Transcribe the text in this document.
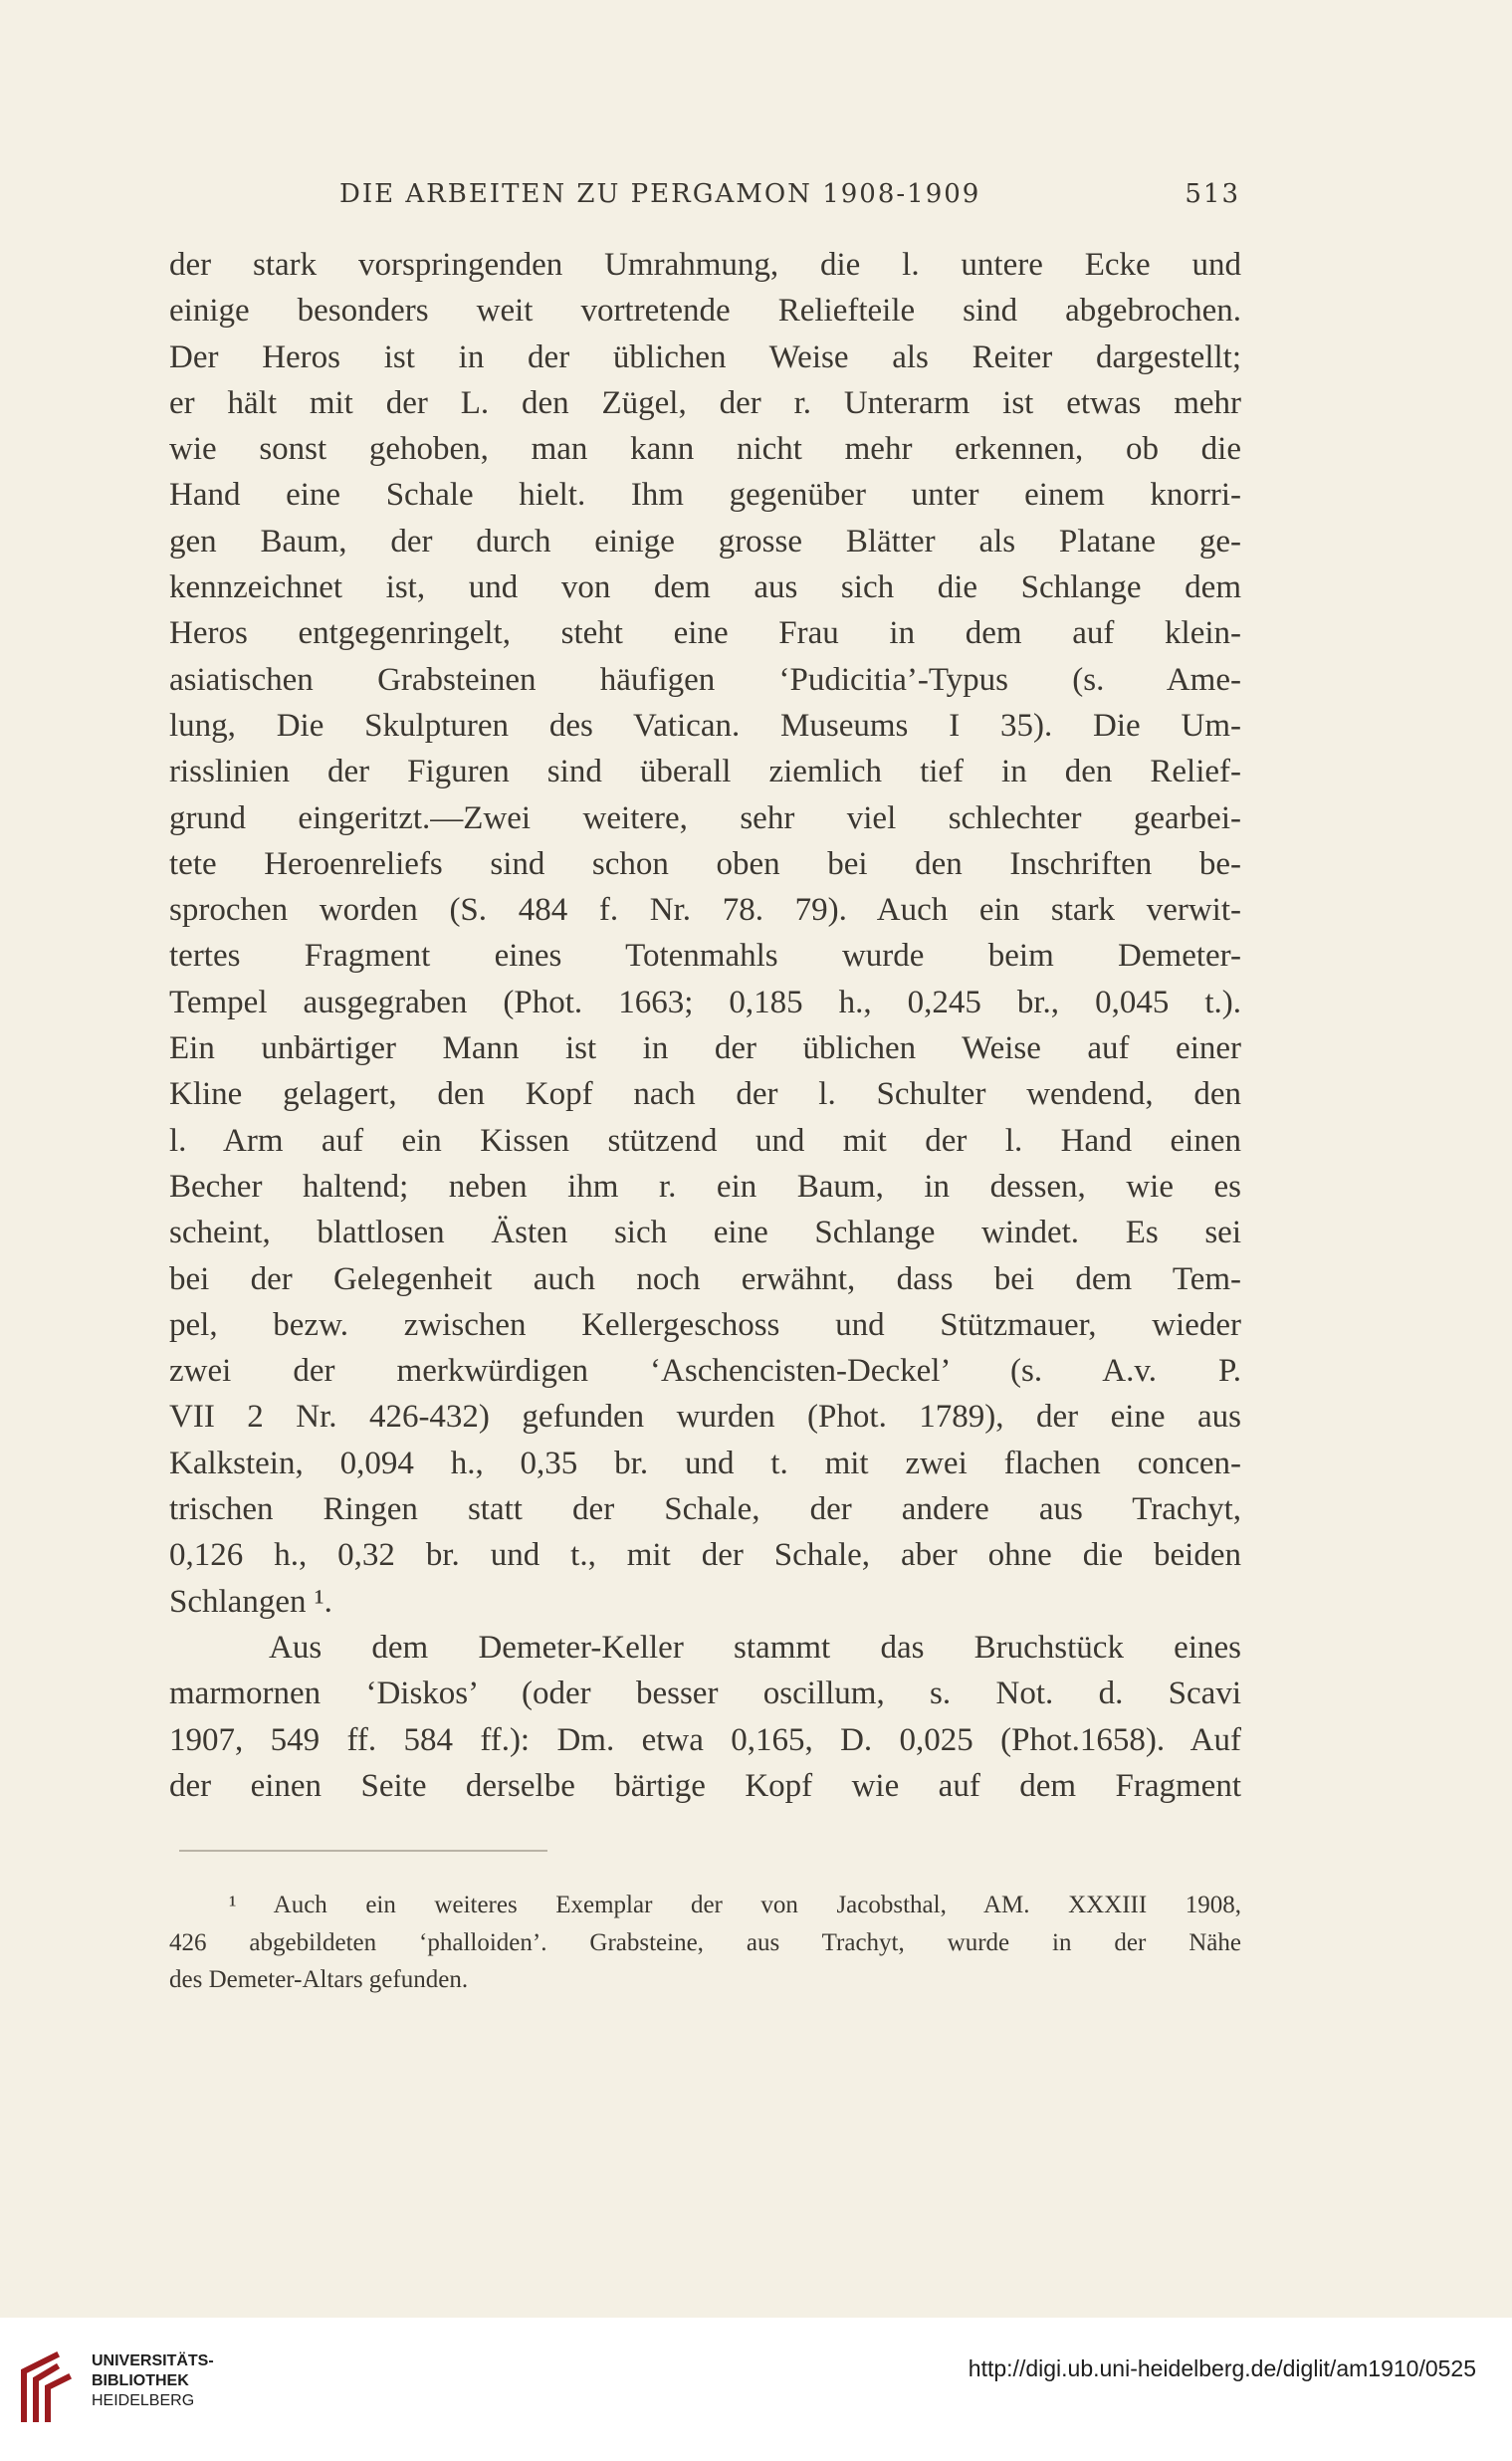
DIE ARBEITEN ZU PERGAMON 1908-1909	513
der stark vorspringenden Umrahmung, die l. untere Ecke und
einige besonders weit vortretende Reliefteile sind abgebrochen.
Der Heros ist in der üblichen Weise als Reiter dargestellt;
er hält mit der L. den Zügel, der r. Unterarm ist etwas mehr
wie sonst gehoben, man kann nicht mehr erkennen, ob die
Hand eine Schale hielt. Ihm gegenüber unter einem knorri-
gen Baum, der durch einige grosse Blätter als Platane ge-
kennzeichnet ist, und von dem aus sich die Schlange dem
Heros entgegenringelt, steht eine Frau in dem auf klein-
asiatischen Grabsteinen häufigen ‘Pudicitia’-Typus (s. Ame-
lung, Die Skulpturen des Vatican. Museums I 35). Die Um-
risslinien der Figuren sind überall ziemlich tief in den Relief-
grund eingeritzt.—Zwei weitere, sehr viel schlechter gearbei-
tete Heroenreliefs sind schon oben bei den Inschriften be-
sprochen worden (S. 484 f. Nr. 78. 79). Auch ein stark verwit-
tertes Fragment eines Totenmahls wurde beim Demeter-
Tempel ausgegraben (Phot. 1663; 0,185 h., 0,245 br., 0,045 t.).
Ein unbärtiger Mann ist in der üblichen Weise auf einer
Kline gelagert, den Kopf nach der l. Schulter wendend, den
l. Arm auf ein Kissen stützend und mit der l. Hand einen
Becher haltend; neben ihm r. ein Baum, in dessen, wie es
scheint, blattlosen Ästen sich eine Schlange windet. Es sei
bei der Gelegenheit auch noch erwähnt, dass bei dem Tem-
pel, bezw. zwischen Kellergeschoss und Stützmauer, wieder
zwei der merkwürdigen ‘Aschencisten-Deckel’ (s. A.v. P.
VII 2 Nr. 426-432) gefunden wurden (Phot. 1789), der eine aus
Kalkstein, 0,094 h., 0,35 br. und t. mit zwei flachen concen-
trischen Ringen statt der Schale, der andere aus Trachyt,
0,126 h., 0,32 br. und t., mit der Schale, aber ohne die beiden
Schlangen ¹.
Aus dem Demeter-Keller stammt das Bruchstück eines
marmornen ‘Diskos’ (oder besser oscillum, s. Not. d. Scavi
1907, 549 ff. 584 ff.): Dm. etwa 0,165, D. 0,025 (Phot.1658). Auf
der einen Seite derselbe bärtige Kopf wie auf dem Fragment
¹ Auch ein weiteres Exemplar der von Jacobsthal, AM. XXXIII 1908,
426 abgebildeten ‘phalloiden’. Grabsteine, aus Trachyt, wurde in der Nähe
des Demeter-Altars gefunden.
UNIVERSITÄTS-
BIBLIOTHEK
HEIDELBERG
http://digi.ub.uni-heidelberg.de/diglit/am1910/0525
